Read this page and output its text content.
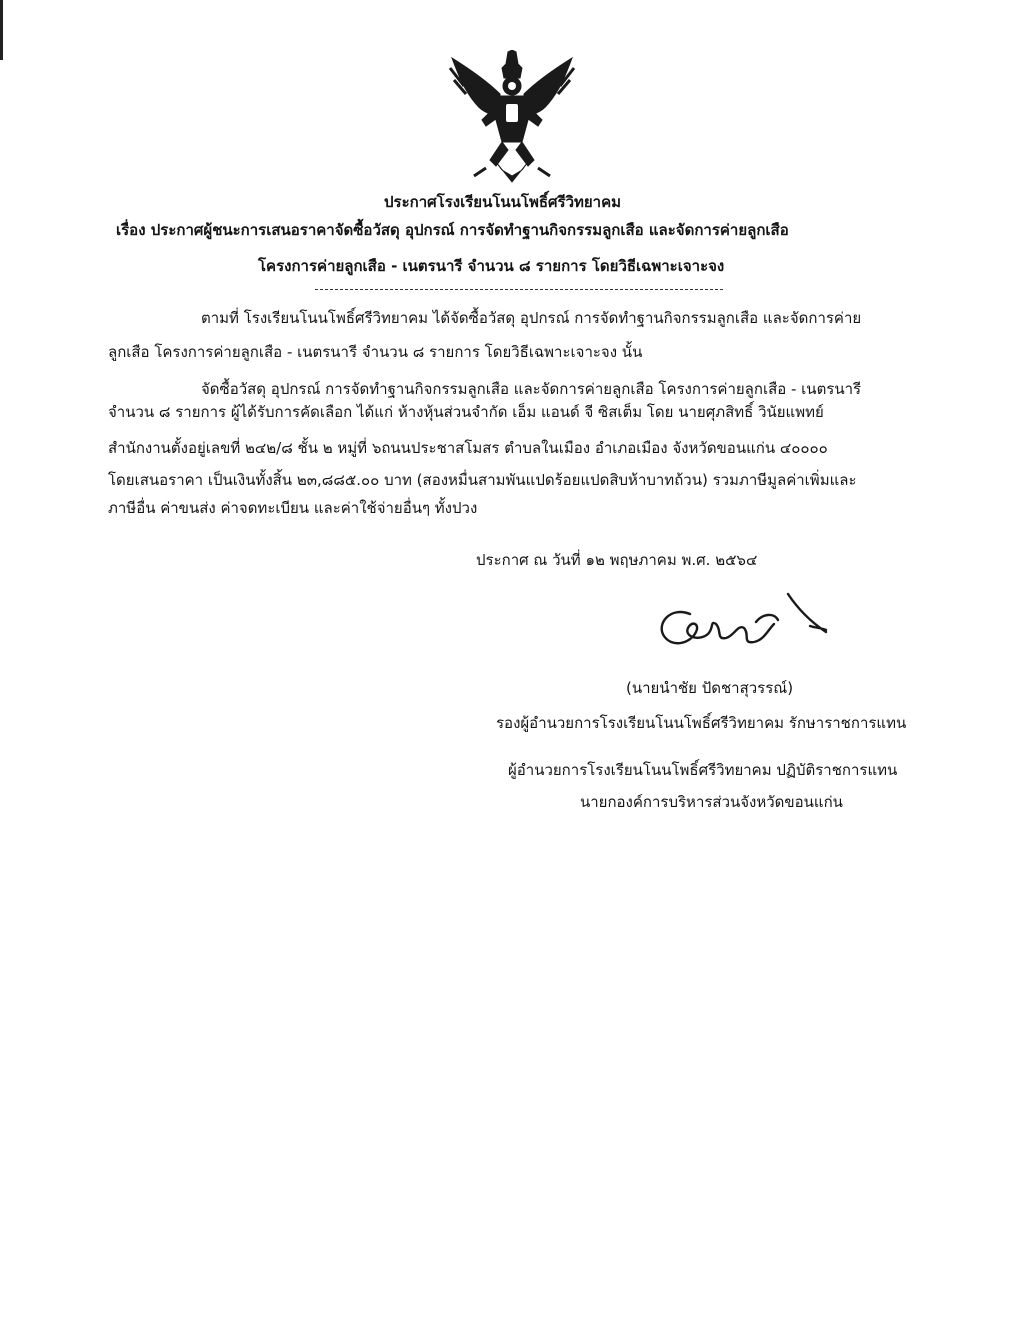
ประกาศโรงเรียนโนนโพธิ์ศรีวิทยาคม
เรื่อง ประกาศผู้ชนะการเสนอราคาจัดซื้อวัสดุ อุปกรณ์ การจัดทำฐานกิจกรรมลูกเสือ และจัดการค่ายลูกเสือ
โครงการค่ายลูกเสือ - เนตรนารี จำนวน ๘ รายการ โดยวิธีเฉพาะเจาะจง
ตามที่ โรงเรียนโนนโพธิ์ศรีวิทยาคม ได้จัดซื้อวัสดุ อุปกรณ์ การจัดทำฐานกิจกรรมลูกเสือ และจัดการค่าย
ลูกเสือ โครงการค่ายลูกเสือ - เนตรนารี จำนวน ๘ รายการ โดยวิธีเฉพาะเจาะจง นั้น
จัดซื้อวัสดุ อุปกรณ์ การจัดทำฐานกิจกรรมลูกเสือ และจัดการค่ายลูกเสือ โครงการค่ายลูกเสือ - เนตรนารี
จำนวน ๘ รายการ ผู้ได้รับการคัดเลือก ได้แก่ ห้างหุ้นส่วนจำกัด เอ็ม แอนด์ จี ซิสเต็ม โดย นายศุภสิทธิ์ วินัยแพทย์
สำนักงานตั้งอยู่เลขที่ ๒๔๒/๘ ชั้น ๒ หมู่ที่ ๖ถนนประชาสโมสร ตำบลในเมือง อำเภอเมือง จังหวัดขอนแก่น ๔๐๐๐๐
โดยเสนอราคา เป็นเงินทั้งสิ้น ๒๓,๘๘๕.๐๐ บาท (สองหมื่นสามพันแปดร้อยแปดสิบห้าบาทถ้วน) รวมภาษีมูลค่าเพิ่มและ
ภาษีอื่น ค่าขนส่ง ค่าจดทะเบียน และค่าใช้จ่ายอื่นๆ ทั้งปวง
ประกาศ ณ วันที่ ๑๒ พฤษภาคม พ.ศ. ๒๕๖๔
(นายนำชัย ปัดชาสุวรรณ์)
รองผู้อำนวยการโรงเรียนโนนโพธิ์ศรีวิทยาคม รักษาราชการแทน
ผู้อำนวยการโรงเรียนโนนโพธิ์ศรีวิทยาคม ปฏิบัติราชการแทน
นายกองค์การบริหารส่วนจังหวัดขอนแก่น
